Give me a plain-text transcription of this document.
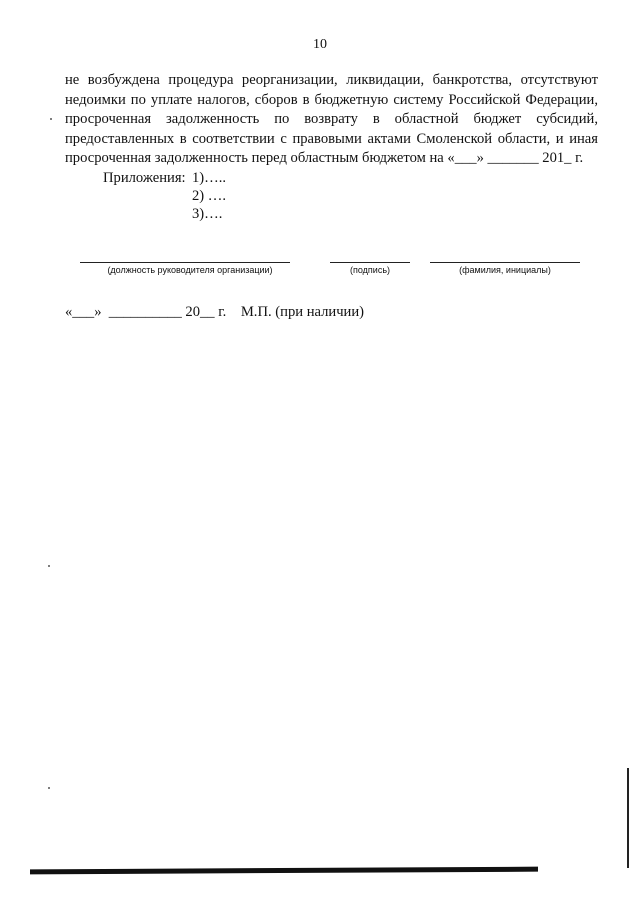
10
не возбуждена процедура реорганизации, ликвидации, банкротства, отсутствуют
недоимки по уплате налогов, сборов в бюджетную систему Российской Федерации,
просроченная задолженность по возврату в областной бюджет субсидий,
предоставленных в соответствии с правовыми актами Смоленской области, и иная
просроченная задолженность перед областным бюджетом на «___» _______ 201_ г.
Приложения: 1)…..
2) ….
3)….
(должность руководителя организации)	(подпись)	(фамилия, инициалы)
«___»  __________ 20__ г.    М.П. (при наличии)
